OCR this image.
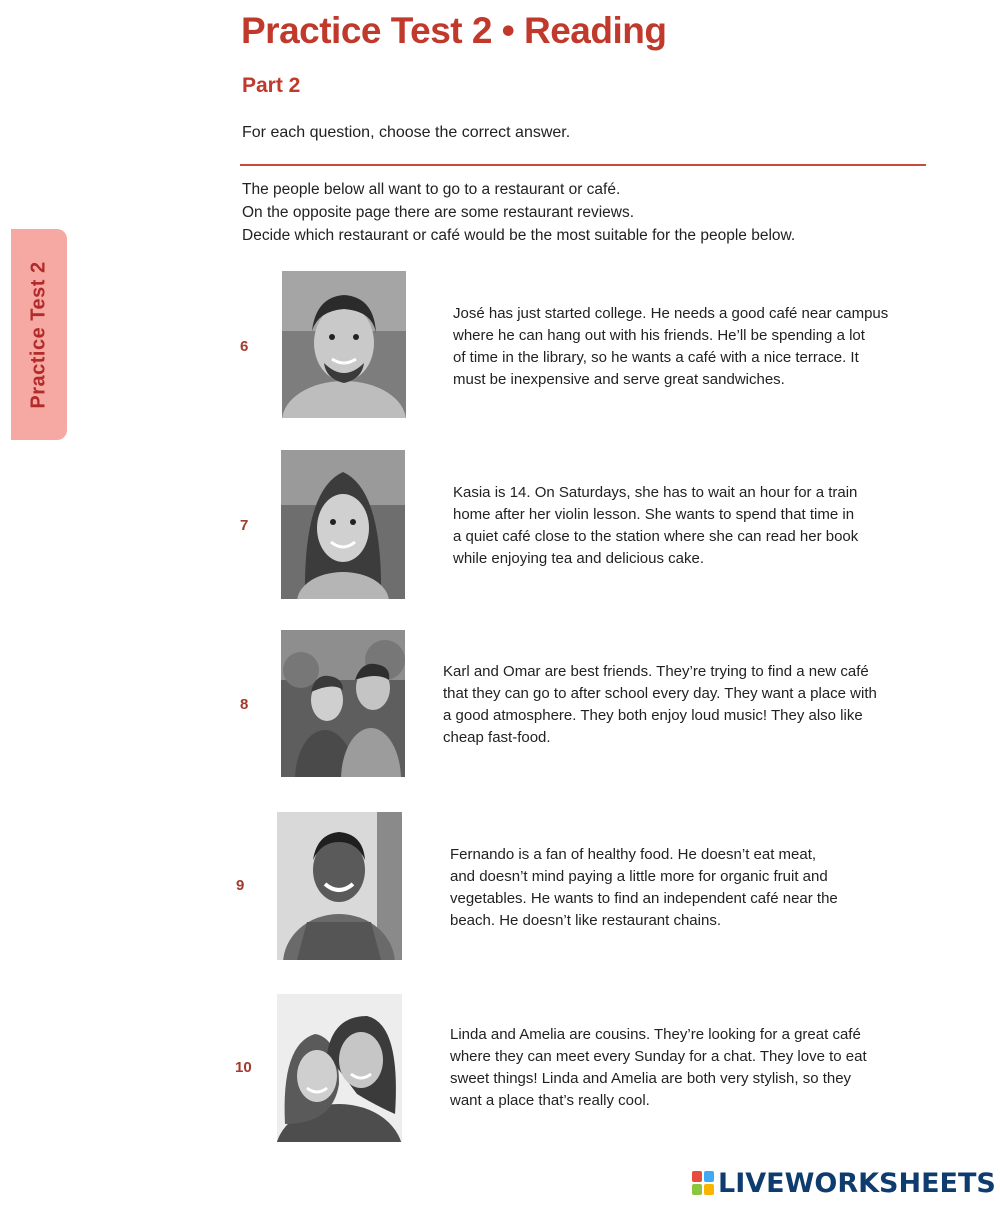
Practice Test 2 • Reading
Part 2
For each question, choose the correct answer.
The people below all want to go to a restaurant or café.
On the opposite page there are some restaurant reviews.
Decide which restaurant or café would be the most suitable for the people below.
Practice Test 2	6
José has just started college. He needs a good café near campus
where he can hang out with his friends. He’ll be spending a lot
of time in the library, so he wants a café with a nice terrace. It
must be inexpensive and serve great sandwiches.
7
Kasia is 14. On Saturdays, she has to wait an hour for a train
home after her violin lesson. She wants to spend that time in
a quiet café close to the station where she can read her book
while enjoying tea and delicious cake.
8
Karl and Omar are best friends. They’re trying to find a new café
that they can go to after school every day. They want a place with
a good atmosphere. They both enjoy loud music! They also like
cheap fast-food.
9
Fernando is a fan of healthy food. He doesn’t eat meat,
and doesn’t mind paying a little more for organic fruit and
vegetables. He wants to find an independent café near the
beach. He doesn’t like restaurant chains.
10
Linda and Amelia are cousins. They’re looking for a great café
where they can meet every Sunday for a chat. They love to eat
sweet things! Linda and Amelia are both very stylish, so they
want a place that’s really cool.
LIVEWORKSHEETS
